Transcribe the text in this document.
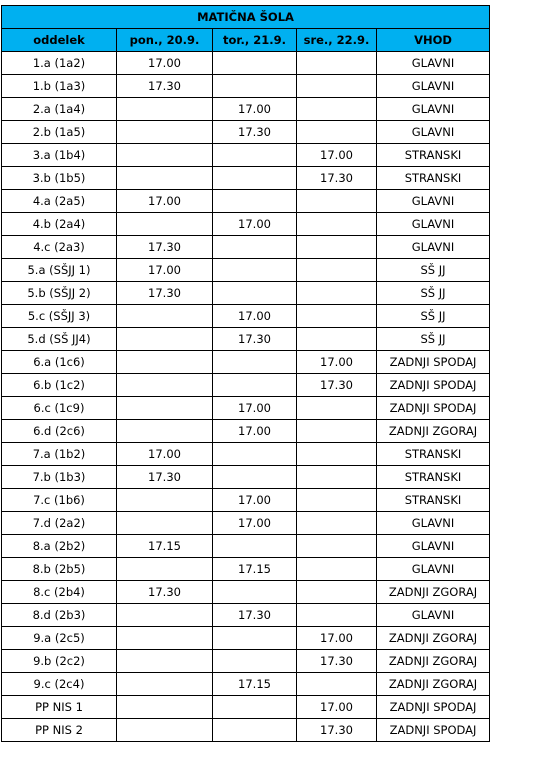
MATIČNA ŠOLA				
oddelek	pon., 20.9.	tor., 21.9.	sre., 22.9.	VHOD
1.a (1a2)	17.00			GLAVNI
1.b (1a3)	17.30			GLAVNI
2.a (1a4)		17.00		GLAVNI
2.b (1a5)		17.30		GLAVNI
3.a (1b4)			17.00	STRANSKI
3.b (1b5)			17.30	STRANSKI
4.a (2a5)	17.00			GLAVNI
4.b (2a4)		17.00		GLAVNI
4.c (2a3)	17.30			GLAVNI
5.a (SŠJJ 1)	17.00			SŠ JJ
5.b (SŠJJ 2)	17.30			SŠ JJ
5.c (SŠJJ 3)		17.00		SŠ JJ
5.d (SŠ JJ4)		17.30		SŠ JJ
6.a (1c6)			17.00	ZADNJI SPODAJ
6.b (1c2)			17.30	ZADNJI SPODAJ
6.c (1c9)		17.00		ZADNJI SPODAJ
6.d (2c6)		17.00		ZADNJI ZGORAJ
7.a (1b2)	17.00			STRANSKI
7.b (1b3)	17.30			STRANSKI
7.c (1b6)		17.00		STRANSKI
7.d (2a2)		17.00		GLAVNI
8.a (2b2)	17.15			GLAVNI
8.b (2b5)		17.15		GLAVNI
8.c (2b4)	17.30			ZADNJI ZGORAJ
8.d (2b3)		17.30		GLAVNI
9.a (2c5)			17.00	ZADNJI ZGORAJ
9.b (2c2)			17.30	ZADNJI ZGORAJ
9.c (2c4)		17.15		ZADNJI ZGORAJ
PP NIS 1			17.00	ZADNJI SPODAJ
PP NIS 2			17.30	ZADNJI SPODAJ
